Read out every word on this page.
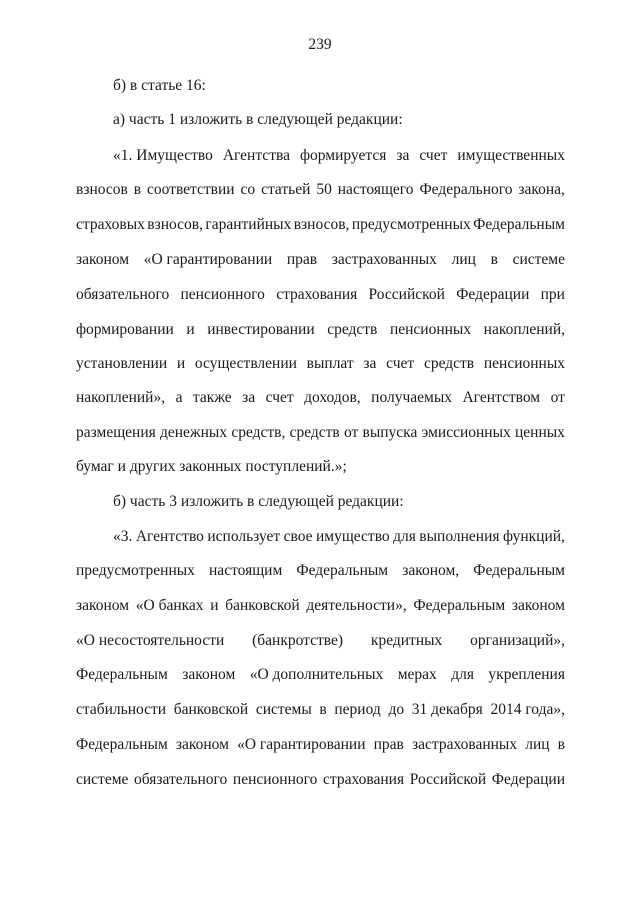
239
б) в статье 16:
а) часть 1 изложить в следующей редакции:
«1. Имущество Агентства формируется за счет имущественных
взносов в соответствии со статьей 50 настоящего Федерального закона,
страховых взносов, гарантийных взносов, предусмотренных Федеральным
законом «О гарантировании прав застрахованных лиц в системе
обязательного пенсионного страхования Российской Федерации при
формировании и инвестировании средств пенсионных накоплений,
установлении и осуществлении выплат за счет средств пенсионных
накоплений», а также за счет доходов, получаемых Агентством от
размещения денежных средств, средств от выпуска эмиссионных ценных
бумаг и других законных поступлений.»;
б) часть 3 изложить в следующей редакции:
«3. Агентство использует свое имущество для выполнения функций,
предусмотренных настоящим Федеральным законом, Федеральным
законом «О банках и банковской деятельности», Федеральным законом
«О несостоятельности (банкротстве) кредитных организаций»,
Федеральным законом «О дополнительных мерах для укрепления
стабильности банковской системы в период до 31 декабря 2014 года»,
Федеральным законом «О гарантировании прав застрахованных лиц в
системе обязательного пенсионного страхования Российской Федерации
